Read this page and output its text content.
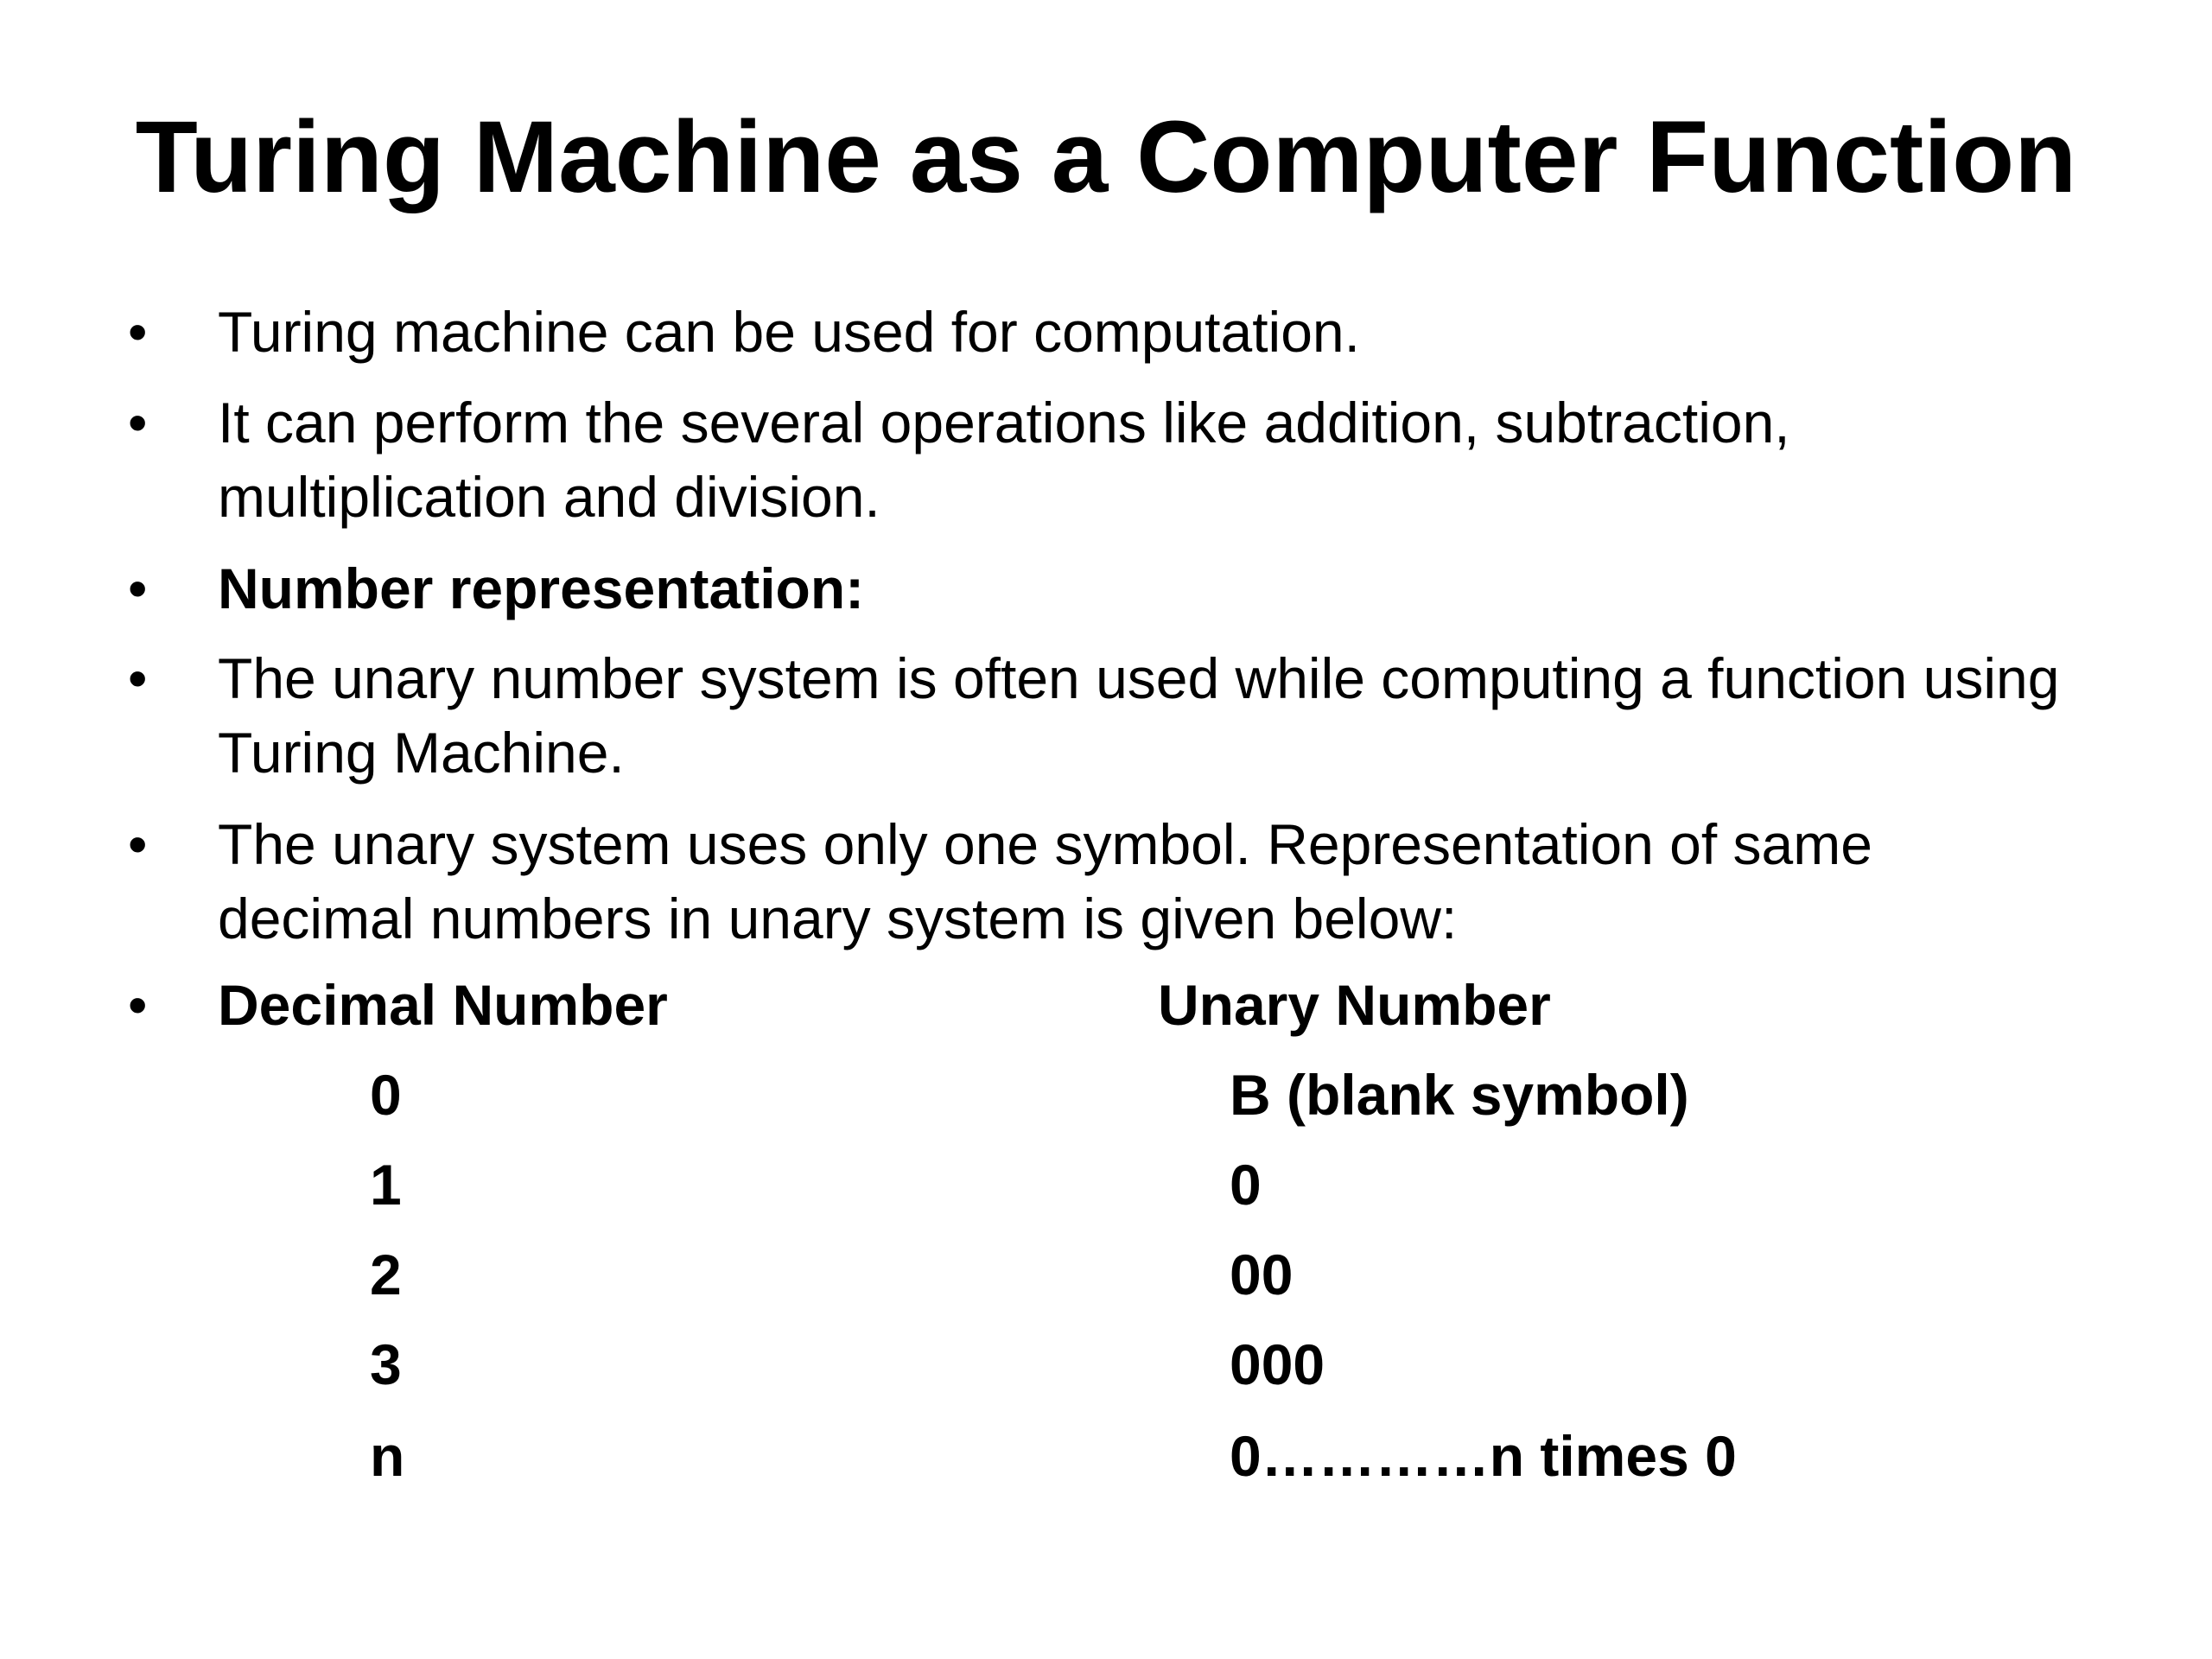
Turing Machine as a Computer Function
• Turing machine can be used for computation.
• It can perform the several operations like addition, subtraction, multiplication and division.
• Number representation:
• The unary number system is often used while computing a function using Turing Machine.
• The unary system uses only one symbol. Representation of same decimal numbers in unary system is given below:
• Decimal Number	Unary Number
0	B (blank symbol)
1	0
2	00
3	000
n	0…………n times 0
